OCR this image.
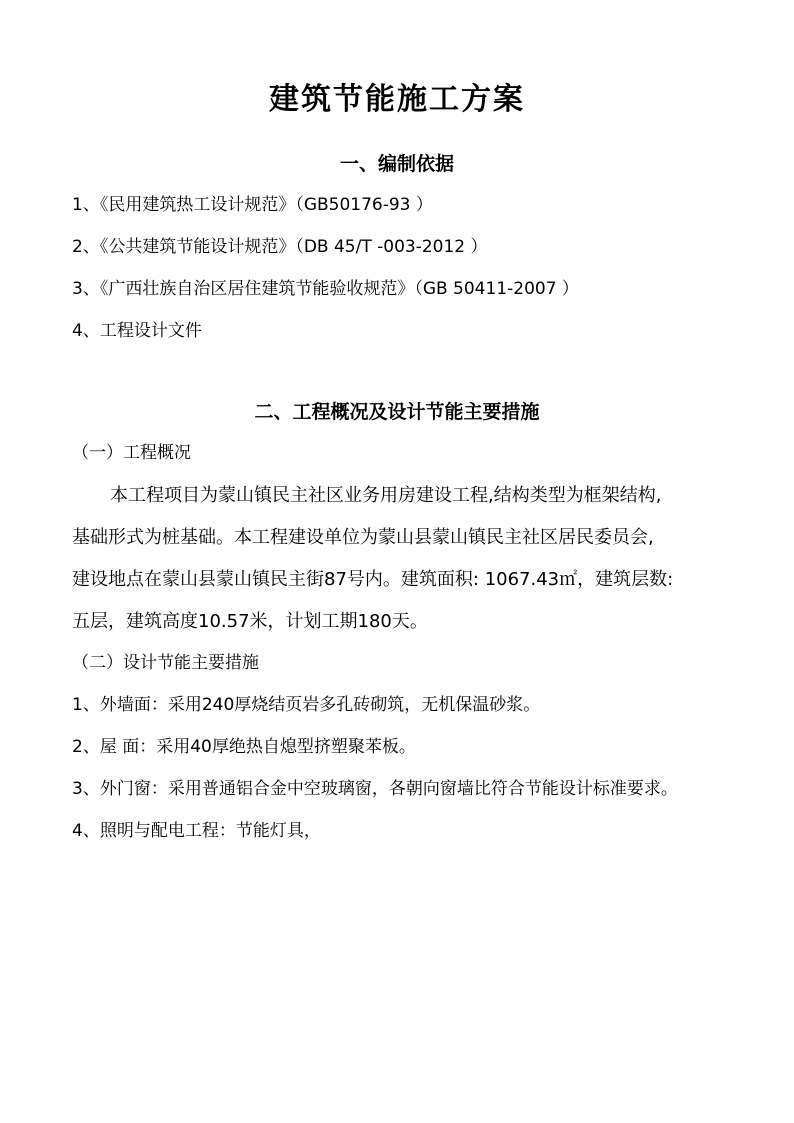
建筑节能施工方案
一、编制依据
1、《民用建筑热工设计规范》（GB50176-93 ）
2、《公共建筑节能设计规范》（DB 45/T -003-2012 ）
3、《广西壮族自治区居住建筑节能验收规范》（GB 50411-2007 ）
4、工程设计文件
二、工程概况及设计节能主要措施
（一）工程概况
本工程项目为蒙山镇民主社区业务用房建设工程,结构类型为框架结构,
基础形式为桩基础。本工程建设单位为蒙山县蒙山镇民主社区居民委员会,
建设地点在蒙山县蒙山镇民主街87号内。建筑面积: 1067.43㎡，建筑层数:
五层，建筑高度10.57米，计划工期180天。
（二）设计节能主要措施
1、外墙面：采用240厚烧结页岩多孔砖砌筑，无机保温砂浆。
2、屋 面：采用40厚绝热自熄型挤塑聚苯板。
3、外门窗：采用普通铝合金中空玻璃窗，各朝向窗墙比符合节能设计标准要求。
4、照明与配电工程：节能灯具，
